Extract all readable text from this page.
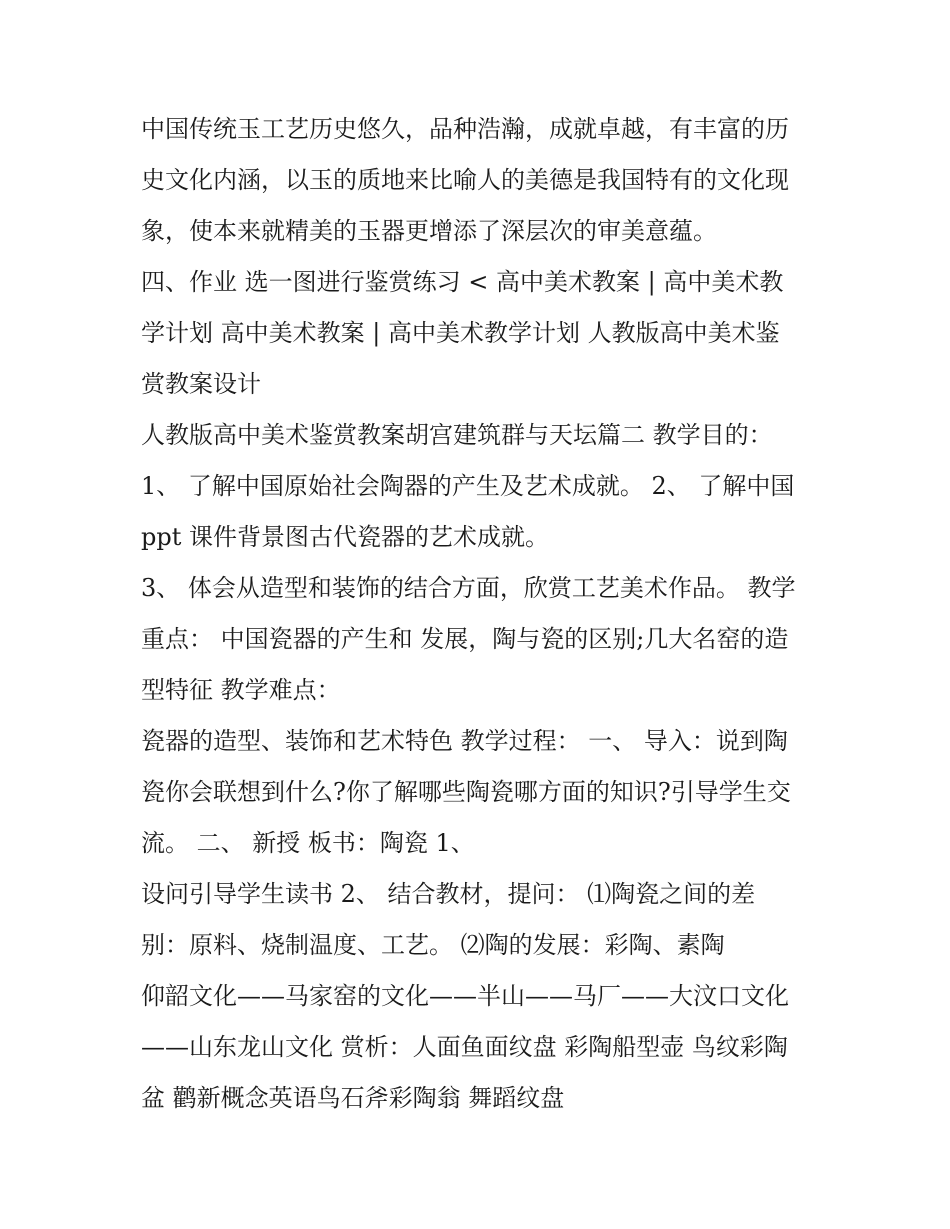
中国传统玉工艺历史悠久，品种浩瀚，成就卓越，有丰富的历
史文化内涵，以玉的质地来比喻人的美德是我国特有的文化现
象，使本来就精美的玉器更增添了深层次的审美意蕴。
四、作业 选一图进行鉴赏练习 < 高中美术教案 | 高中美术教
学计划 高中美术教案 | 高中美术教学计划 人教版高中美术鉴
赏教案设计
人教版高中美术鉴赏教案胡宫建筑群与天坛篇二 教学目的：
1、 了解中国原始社会陶器的产生及艺术成就。 2、 了解中国
ppt 课件背景图古代瓷器的艺术成就。
3、 体会从造型和装饰的结合方面，欣赏工艺美术作品。 教学
重点： 中国瓷器的产生和 发展，陶与瓷的区别;几大名窑的造
型特征 教学难点：
瓷器的造型、装饰和艺术特色 教学过程： 一、 导入：说到陶
瓷你会联想到什么?你了解哪些陶瓷哪方面的知识?引导学生交
流。 二、 新授 板书：陶瓷 1、
设问引导学生读书 2、 结合教材，提问： ⑴陶瓷之间的差
别：原料、烧制温度、工艺。 ⑵陶的发展：彩陶、素陶
仰韶文化——马家窑的文化——半山——马厂——大汶口文化
——山东龙山文化 赏析：人面鱼面纹盘 彩陶船型壶 鸟纹彩陶
盆 鹳新概念英语鸟石斧彩陶翁 舞蹈纹盘
